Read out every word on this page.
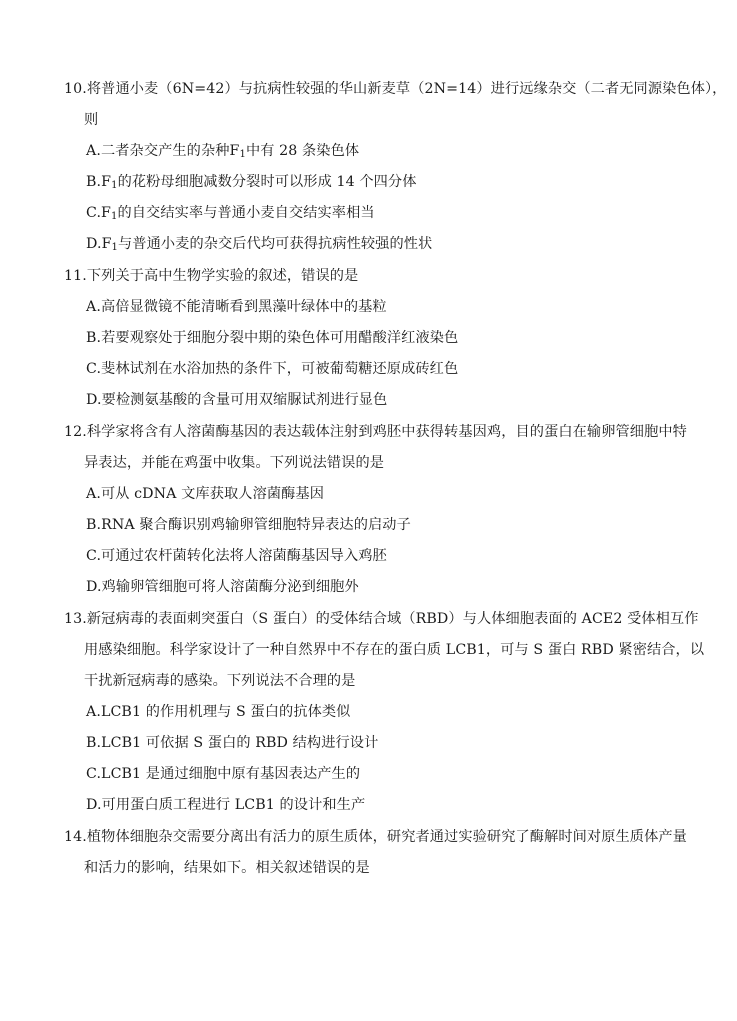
10.将普通小麦（6N=42）与抗病性较强的华山新麦草（2N=14）进行远缘杂交（二者无同源染色体），
则
A.二者杂交产生的杂种$F_1$中有 28 条染色体
$B.F_1$的花粉母细胞减数分裂时可以形成 14 个四分体
$C.F_1$的自交结实率与普通小麦自交结实率相当
$D.F_1$与普通小麦的杂交后代均可获得抗病性较强的性状
11.下列关于高中生物学实验的叙述，错误的是
A.高倍显微镜不能清晰看到黑藻叶绿体中的基粒
B.若要观察处于细胞分裂中期的染色体可用醋酸洋红液染色
C.斐林试剂在水浴加热的条件下，可被葡萄糖还原成砖红色
D.要检测氨基酸的含量可用双缩脲试剂进行显色
12.科学家将含有人溶菌酶基因的表达载体注射到鸡胚中获得转基因鸡，目的蛋白在输卵管细胞中特
异表达，并能在鸡蛋中收集。下列说法错误的是
A.可从 cDNA 文库获取人溶菌酶基因
B.RNA 聚合酶识别鸡输卵管细胞特异表达的启动子
C.可通过农杆菌转化法将人溶菌酶基因导入鸡胚
D.鸡输卵管细胞可将人溶菌酶分泌到细胞外
13.新冠病毒的表面刺突蛋白（S 蛋白）的受体结合域（RBD）与人体细胞表面的 ACE2 受体相互作
用感染细胞。科学家设计了一种自然界中不存在的蛋白质 LCB1，可与 S 蛋白 RBD 紧密结合，以
干扰新冠病毒的感染。下列说法不合理的是
A.LCB1 的作用机理与 S 蛋白的抗体类似
B.LCB1 可依据 S 蛋白的 RBD 结构进行设计
C.LCB1 是通过细胞中原有基因表达产生的
D.可用蛋白质工程进行 LCB1 的设计和生产
14.植物体细胞杂交需要分离出有活力的原生质体，研究者通过实验研究了酶解时间对原生质体产量
和活力的影响，结果如下。相关叙述错误的是
